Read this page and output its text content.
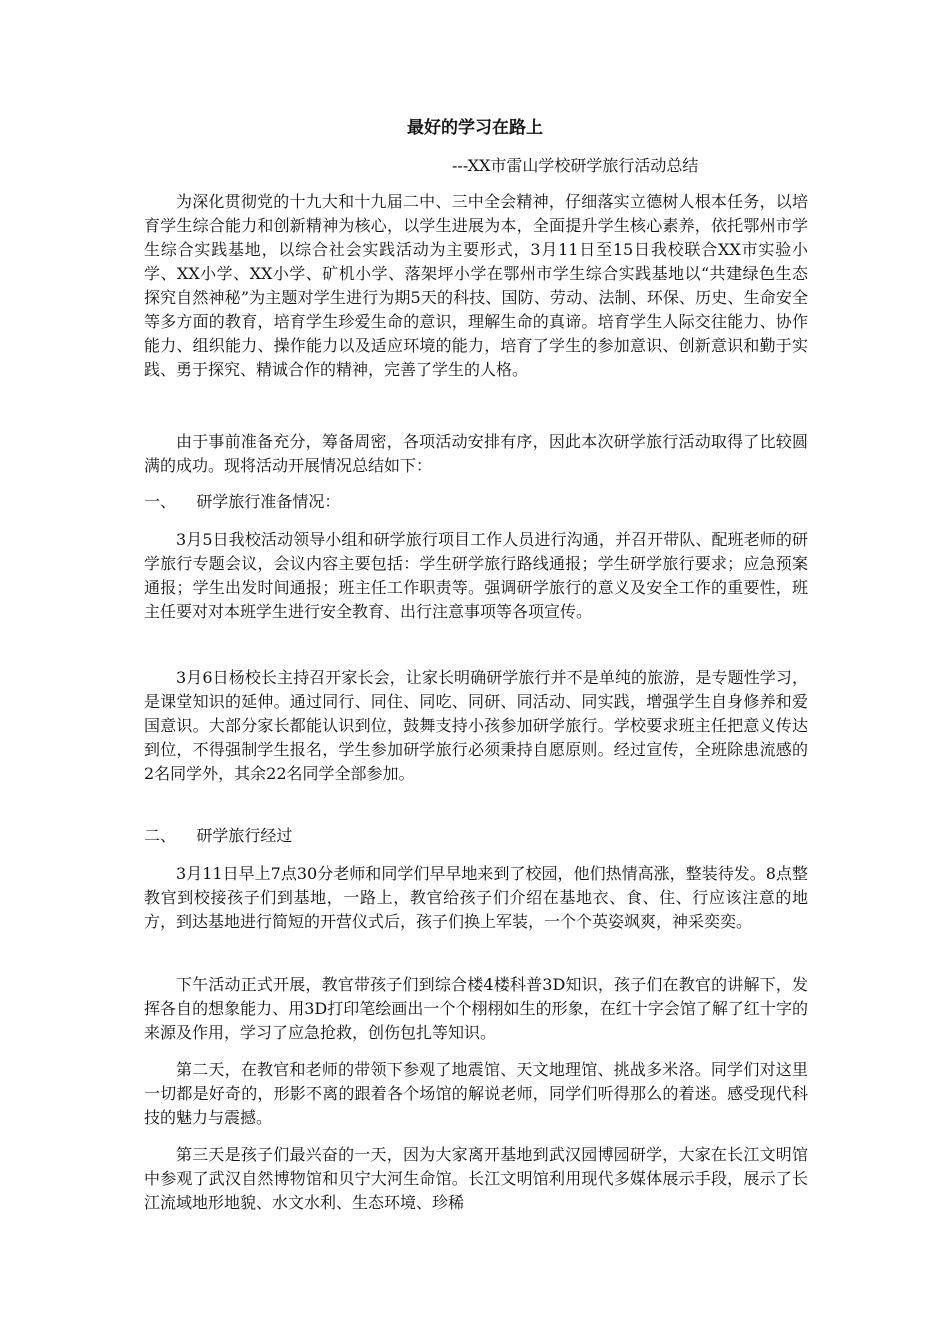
最好的学习在路上

---XX市雷山学校研学旅行活动总结

为深化贯彻党的十九大和十九届二中、三中全会精神，仔细落实立德树人根本任务，以培育学生综合能力和创新精神为核心，以学生进展为本，全面提升学生核心素养，依托鄂州市学生综合实践基地，以综合社会实践活动为主要形式，3月11日至15日我校联合XX市实验小学、XX小学、XX小学、矿机小学、落架坪小学在鄂州市学生综合实践基地以“共建绿色生态　探究自然神秘”为主题对学生进行为期5天的科技、国防、劳动、法制、环保、历史、生命安全等多方面的教育，培育学生珍爱生命的意识，理解生命的真谛。培育学生人际交往能力、协作能力、组织能力、操作能力以及适应环境的能力，培育了学生的参加意识、创新意识和勤于实践、勇于探究、精诚合作的精神，完善了学生的人格。

由于事前准备充分，筹备周密，各项活动安排有序，因此本次研学旅行活动取得了比较圆满的成功。现将活动开展情况总结如下：

一、    研学旅行准备情况：

3月5日我校活动领导小组和研学旅行项目工作人员进行沟通，并召开带队、配班老师的研学旅行专题会议，会议内容主要包括：学生研学旅行路线通报；学生研学旅行要求；应急预案通报；学生出发时间通报；班主任工作职责等。强调研学旅行的意义及安全工作的重要性，班主任要对对本班学生进行安全教育、出行注意事项等各项宣传。

3月6日杨校长主持召开家长会，让家长明确研学旅行并不是单纯的旅游，是专题性学习，是课堂知识的延伸。通过同行、同住、同吃、同研、同活动、同实践，增强学生自身修养和爱国意识。大部分家长都能认识到位，鼓舞支持小孩参加研学旅行。学校要求班主任把意义传达到位，不得强制学生报名，学生参加研学旅行必须秉持自愿原则。经过宣传，全班除患流感的2名同学外，其余22名同学全部参加。

二、    研学旅行经过

3月11日早上7点30分老师和同学们早早地来到了校园，他们热情高涨，整装待发。8点整教官到校接孩子们到基地，一路上，教官给孩子们介绍在基地衣、食、住、行应该注意的地方，到达基地进行简短的开营仪式后，孩子们换上军装，一个个英姿飒爽，神采奕奕。

下午活动正式开展，教官带孩子们到综合楼4楼科普3D知识，孩子们在教官的讲解下，发挥各自的想象能力、用3D打印笔绘画出一个个栩栩如生的形象，在红十字会馆了解了红十字的来源及作用，学习了应急抢救，创伤包扎等知识。

第二天，在教官和老师的带领下参观了地震馆、天文地理馆、挑战多米洛。同学们对这里一切都是好奇的，形影不离的跟着各个场馆的解说老师，同学们听得那么的着迷。感受现代科技的魅力与震撼。

第三天是孩子们最兴奋的一天，因为大家离开基地到武汉园博园研学，大家在长江文明馆中参观了武汉自然博物馆和贝宁大河生命馆。长江文明馆利用现代多媒体展示手段，展示了长江流域地形地貌、水文水利、生态环境、珍稀
